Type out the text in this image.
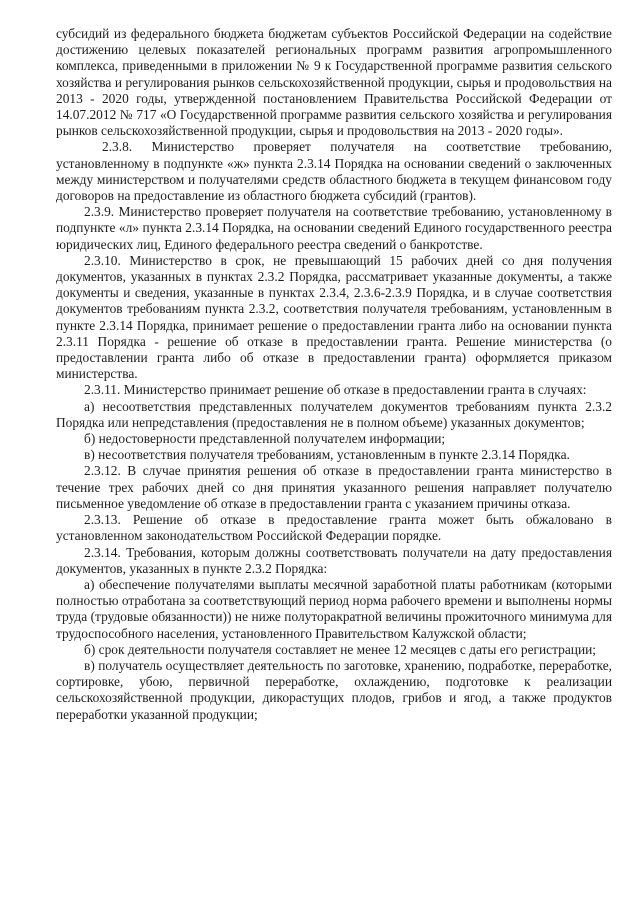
субсидий из федерального бюджета бюджетам субъектов Российской Федерации на содействие достижению целевых показателей региональных программ развития агропромышленного комплекса, приведенными в приложении № 9 к Государственной программе развития сельского хозяйства и регулирования рынков сельскохозяйственной продукции, сырья и продовольствия на 2013 - 2020 годы, утвержденной постановлением Правительства Российской Федерации от 14.07.2012 № 717 «О Государственной программе развития сельского хозяйства и регулирования рынков сельскохозяйственной продукции, сырья и продовольствия на 2013 - 2020 годы».

2.3.8. Министерство проверяет получателя на соответствие требованию, установленному в подпункте «ж» пункта 2.3.14 Порядка на основании сведений о заключенных между министерством и получателями средств областного бюджета в текущем финансовом году договоров на предоставление из областного бюджета субсидий (грантов).

2.3.9. Министерство проверяет получателя на соответствие требованию, установленному в подпункте «л» пункта 2.3.14 Порядка, на основании сведений Единого государственного реестра юридических лиц, Единого федерального реестра сведений о банкротстве.

2.3.10. Министерство в срок, не превышающий 15 рабочих дней со дня получения документов, указанных в пунктах 2.3.2 Порядка, рассматривает указанные документы, а также документы и сведения, указанные в пунктах 2.3.4, 2.3.6-2.3.9 Порядка, и в случае соответствия документов требованиям пункта 2.3.2, соответствия получателя требованиям, установленным в пункте 2.3.14 Порядка, принимает решение о предоставлении гранта либо на основании пункта 2.3.11 Порядка - решение об отказе в предоставлении гранта. Решение министерства (о предоставлении гранта либо об отказе в предоставлении гранта) оформляется приказом министерства.

2.3.11. Министерство принимает решение об отказе в предоставлении гранта в случаях:

а) несоответствия представленных получателем документов требованиям пункта 2.3.2 Порядка или непредставления (предоставления не в полном объеме) указанных документов;

б) недостоверности представленной получателем информации;

в) несоответствия получателя требованиям, установленным в пункте 2.3.14 Порядка.

2.3.12. В случае принятия решения об отказе в предоставлении гранта министерство в течение трех рабочих дней со дня принятия указанного решения направляет получателю письменное уведомление об отказе в предоставлении гранта с указанием причины отказа.

2.3.13. Решение об отказе в предоставление гранта может быть обжаловано в установленном законодательством Российской Федерации порядке.

2.3.14. Требования, которым должны соответствовать получатели на дату предоставления документов, указанных в пункте 2.3.2 Порядка:

а) обеспечение получателями выплаты месячной заработной платы работникам (которыми полностью отработана за соответствующий период норма рабочего времени и выполнены нормы труда (трудовые обязанности)) не ниже полуторакратной величины прожиточного минимума для трудоспособного населения, установленного Правительством Калужской области;

б) срок деятельности получателя составляет не менее 12 месяцев с даты его регистрации;

в) получатель осуществляет деятельность по заготовке, хранению, подработке, переработке, сортировке, убою, первичной переработке, охлаждению, подготовке к реализации сельскохозяйственной продукции, дикорастущих плодов, грибов и ягод, а также продуктов переработки указанной продукции;
